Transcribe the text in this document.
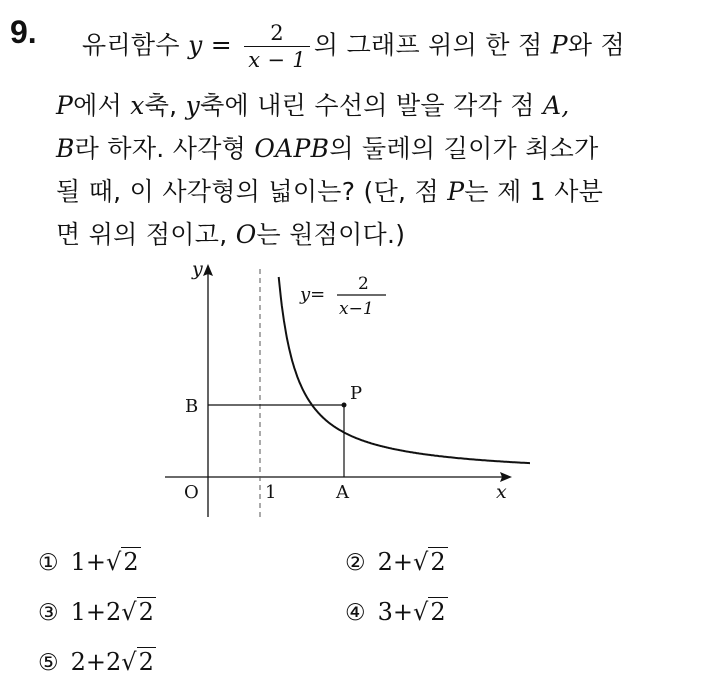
9. 유리함수 $y = \frac{2}{x - 1}$ 의 그래프 위의 한 점 P와 점
P에서 x축, y축에 내린 수선의 발을 각각 점 A,
B라 하자. 사각형 OAPB의 둘레의 길이가 최소가
될 때, 이 사각형의 넓이는? (단, 점 P는 제 1 사분
면 위의 점이고, O는 원점이다.)
y
x
O	1	A
B
P
y= 2
x−1
① 1+√2	② 2+√2
③ 1+2√2	④ 3+√2
⑤ 2+2√2
